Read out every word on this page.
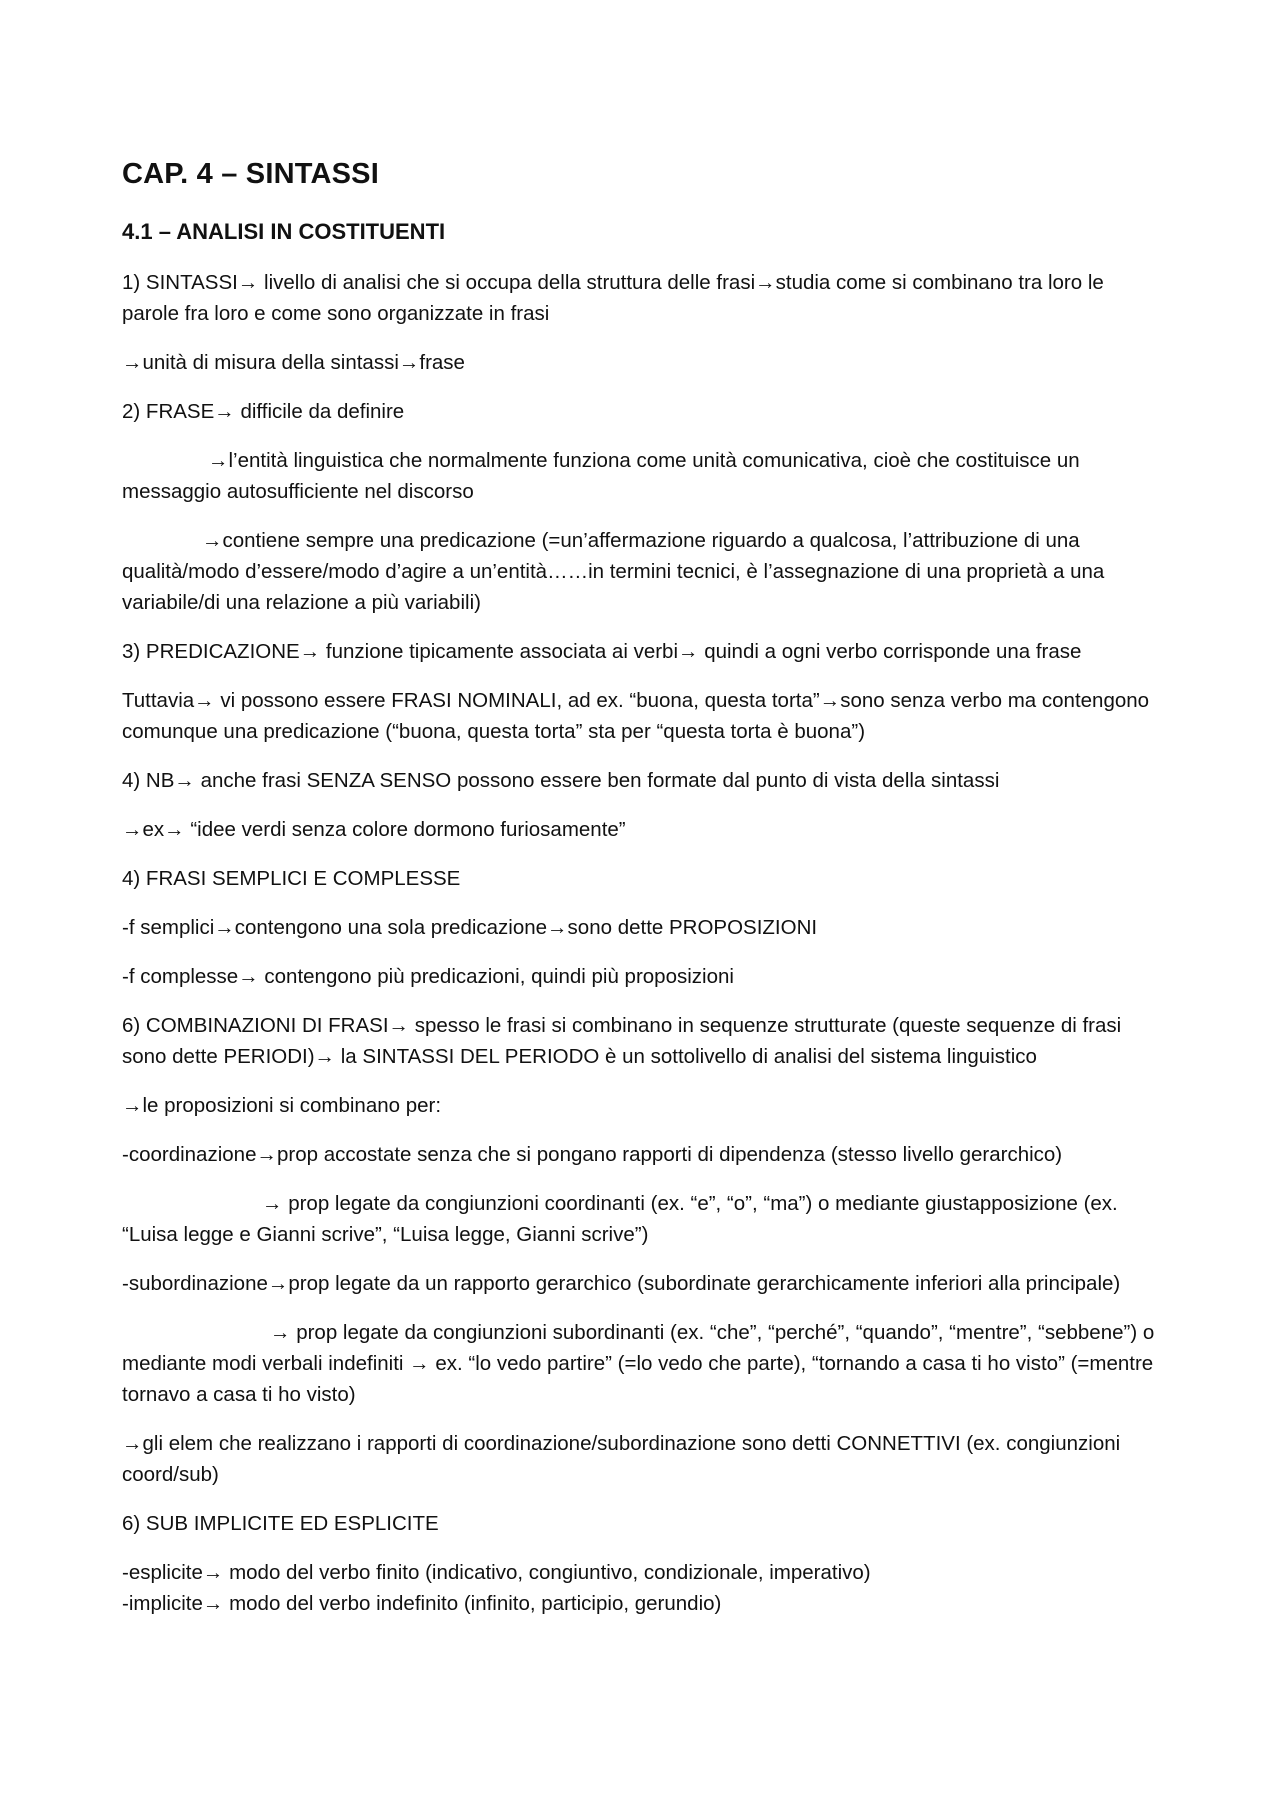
CAP. 4 – SINTASSI
4.1 – ANALISI IN COSTITUENTI

1) SINTASSI→ livello di analisi che si occupa della struttura delle frasi→studia come si combinano tra loro le parole fra loro e come sono organizzate in frasi

→unità di misura della sintassi→frase

2) FRASE→ difficile da definire

→l’entità linguistica che normalmente funziona come unità comunicativa, cioè che costituisce un messaggio autosufficiente nel discorso

→contiene sempre una predicazione (=un’affermazione riguardo a qualcosa, l’attribuzione di una qualità/modo d’essere/modo d’agire a un’entità……in termini tecnici, è l’assegnazione di una proprietà a una variabile/di una relazione a più variabili)

3) PREDICAZIONE→ funzione tipicamente associata ai verbi→ quindi a ogni verbo corrisponde una frase

Tuttavia→ vi possono essere FRASI NOMINALI, ad ex. “buona, questa torta”→sono senza verbo ma contengono comunque una predicazione (“buona, questa torta” sta per “questa torta è buona”)

4) NB→ anche frasi SENZA SENSO possono essere ben formate dal punto di vista della sintassi

→ex→ “idee verdi senza colore dormono furiosamente”

4) FRASI SEMPLICI E COMPLESSE

-f semplici→contengono una sola predicazione→sono dette PROPOSIZIONI

-f complesse→ contengono più predicazioni, quindi più proposizioni

6) COMBINAZIONI DI FRASI→ spesso le frasi si combinano in sequenze strutturate (queste sequenze di frasi sono dette PERIODI)→ la SINTASSI DEL PERIODO è un sottolivello di analisi del sistema linguistico

→le proposizioni si combinano per:

-coordinazione→prop accostate senza che si pongano rapporti di dipendenza (stesso livello gerarchico)

→ prop legate da congiunzioni coordinanti (ex. “e”, “o”, “ma”) o mediante giustapposizione (ex. “Luisa legge e Gianni scrive”, “Luisa legge, Gianni scrive”)

-subordinazione→prop legate da un rapporto gerarchico (subordinate gerarchicamente inferiori alla principale)

→ prop legate da congiunzioni subordinanti (ex. “che”, “perché”, “quando”, “mentre”, “sebbene”) o mediante modi verbali indefiniti → ex. “lo vedo partire” (=lo vedo che parte), “tornando a casa ti ho visto” (=mentre tornavo a casa ti ho visto)

→gli elem che realizzano i rapporti di coordinazione/subordinazione sono detti CONNETTIVI (ex. congiunzioni coord/sub)

6) SUB IMPLICITE ED ESPLICITE

-esplicite→ modo del verbo finito (indicativo, congiuntivo, condizionale, imperativo)

-implicite→ modo del verbo indefinito (infinito, participio, gerundio)
